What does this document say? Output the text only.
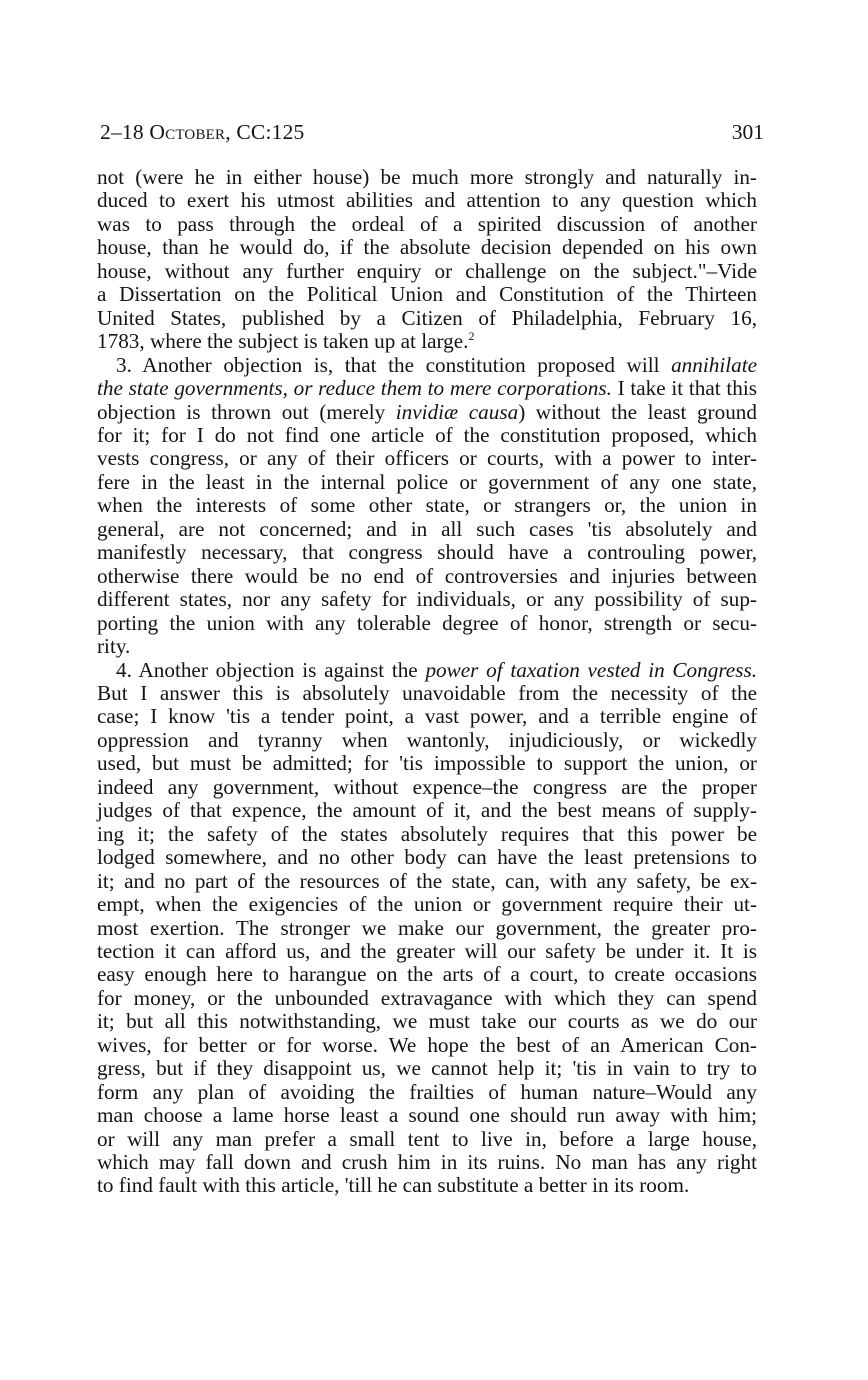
2–18 October, CC:125	301
not (were he in either house) be much more strongly and naturally in-
duced to exert his utmost abilities and attention to any question which
was to pass through the ordeal of a spirited discussion of another
house, than he would do, if the absolute decision depended on his own
house, without any further enquiry or challenge on the subject."–Vide
a Dissertation on the Political Union and Constitution of the Thirteen
United States, published by a Citizen of Philadelphia, February 16,
1783, where the subject is taken up at large.$^2$
3. Another objection is, that the constitution proposed will annihilate
the state governments, or reduce them to mere corporations. I take it that this
objection is thrown out (merely invidiæ causa) without the least ground
for it; for I do not find one article of the constitution proposed, which
vests congress, or any of their officers or courts, with a power to inter-
fere in the least in the internal police or government of any one state,
when the interests of some other state, or strangers or, the union in
general, are not concerned; and in all such cases 'tis absolutely and
manifestly necessary, that congress should have a controuling power,
otherwise there would be no end of controversies and injuries between
different states, nor any safety for individuals, or any possibility of sup-
porting the union with any tolerable degree of honor, strength or secu-
rity.
4. Another objection is against the power of taxation vested in Congress.
But I answer this is absolutely unavoidable from the necessity of the
case; I know 'tis a tender point, a vast power, and a terrible engine of
oppression and tyranny when wantonly, injudiciously, or wickedly
used, but must be admitted; for 'tis impossible to support the union, or
indeed any government, without expence–the congress are the proper
judges of that expence, the amount of it, and the best means of supply-
ing it; the safety of the states absolutely requires that this power be
lodged somewhere, and no other body can have the least pretensions to
it; and no part of the resources of the state, can, with any safety, be ex-
empt, when the exigencies of the union or government require their ut-
most exertion. The stronger we make our government, the greater pro-
tection it can afford us, and the greater will our safety be under it. It is
easy enough here to harangue on the arts of a court, to create occasions
for money, or the unbounded extravagance with which they can spend
it; but all this notwithstanding, we must take our courts as we do our
wives, for better or for worse. We hope the best of an American Con-
gress, but if they disappoint us, we cannot help it; 'tis in vain to try to
form any plan of avoiding the frailties of human nature–Would any
man choose a lame horse least a sound one should run away with him;
or will any man prefer a small tent to live in, before a large house,
which may fall down and crush him in its ruins. No man has any right
to find fault with this article, 'till he can substitute a better in its room.
